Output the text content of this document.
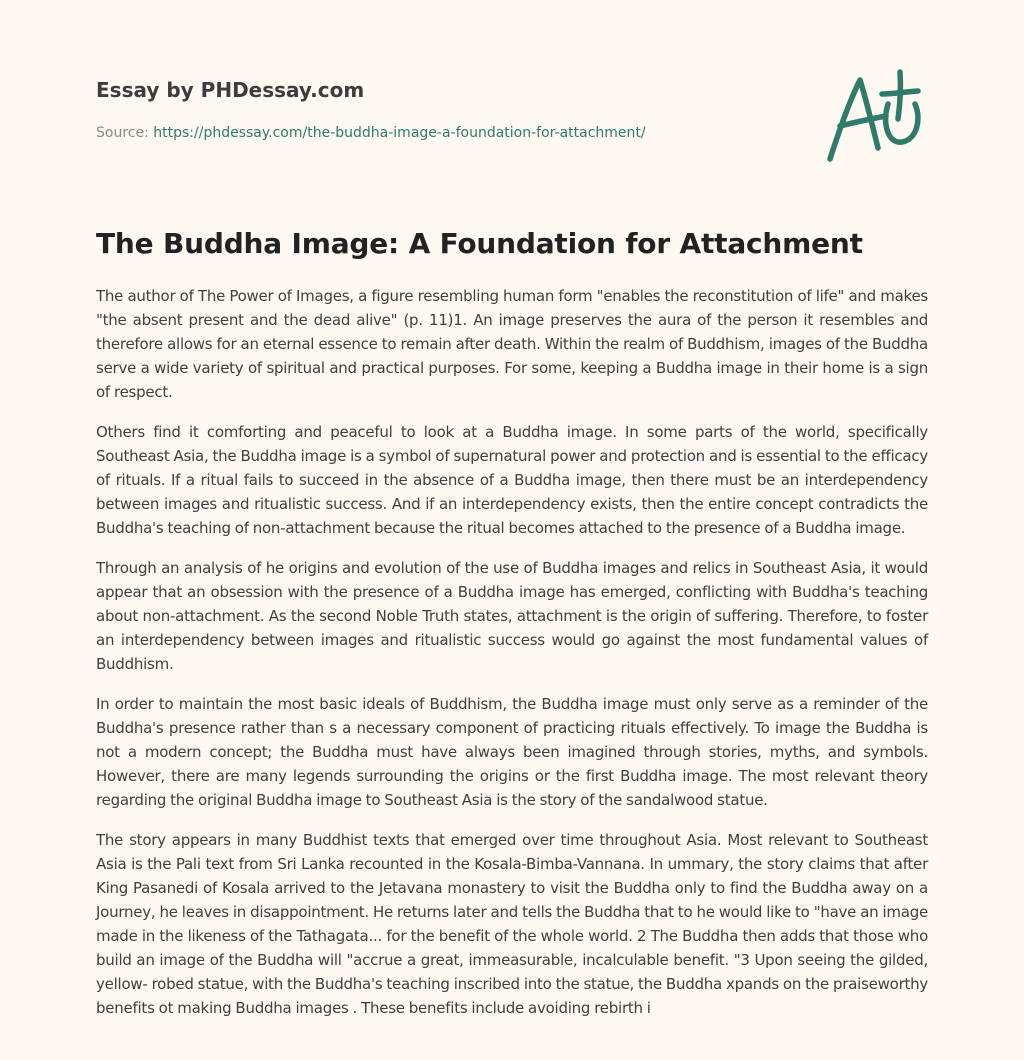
Essay by PHDessay.com
Source: https://phdessay.com/the-buddha-image-a-foundation-for-attachment/
The Buddha Image: A Foundation for Attachment

The author of The Power of Images, a figure resembling human form "enables the reconstitution of life" and makes "the absent present and the dead alive" (p. 11)1. An image preserves the aura of the person it resembles and therefore allows for an eternal essence to remain after death. Within the realm of Buddhism, images of the Buddha serve a wide variety of spiritual and practical purposes. For some, keeping a Buddha image in their home is a sign of respect.

Others find it comforting and peaceful to look at a Buddha image. In some parts of the world, specifically Southeast Asia, the Buddha image is a symbol of supernatural power and protection and is essential to the efficacy of rituals. If a ritual fails to succeed in the absence of a Buddha image, then there must be an interdependency between images and ritualistic success. And if an interdependency exists, then the entire concept contradicts the Buddha's teaching of non-attachment because the ritual becomes attached to the presence of a Buddha image.

Through an analysis of he origins and evolution of the use of Buddha images and relics in Southeast Asia, it would appear that an obsession with the presence of a Buddha image has emerged, conflicting with Buddha's teaching about non-attachment. As the second Noble Truth states, attachment is the origin of suffering. Therefore, to foster an interdependency between images and ritualistic success would go against the most fundamental values of Buddhism.

In order to maintain the most basic ideals of Buddhism, the Buddha image must only serve as a reminder of the Buddha's presence rather than s a necessary component of practicing rituals effectively. To image the Buddha is not a modern concept; the Buddha must have always been imagined through stories, myths, and symbols. However, there are many legends surrounding the origins or the first Buddha image. The most relevant theory regarding the original Buddha image to Southeast Asia is the story of the sandalwood statue.

The story appears in many Buddhist texts that emerged over time throughout Asia. Most relevant to Southeast Asia is the Pali text from Sri Lanka recounted in the Kosala-Bimba-Vannana. In ummary, the story claims that after King Pasanedi of Kosala arrived to the Jetavana monastery to visit the Buddha only to find the Buddha away on a Journey, he leaves in disappointment. He returns later and tells the Buddha that to he would like to "have an image made in the likeness of the Tathagata... for the benefit of the whole world. 2 The Buddha then adds that those who build an image of the Buddha will "accrue a great, immeasurable, incalculable benefit. "3 Upon seeing the gilded, yellow- robed statue, with the Buddha's teaching inscribed into the statue, the Buddha xpands on the praiseworthy benefits ot making Buddha images . These benefits include avoiding rebirth i
